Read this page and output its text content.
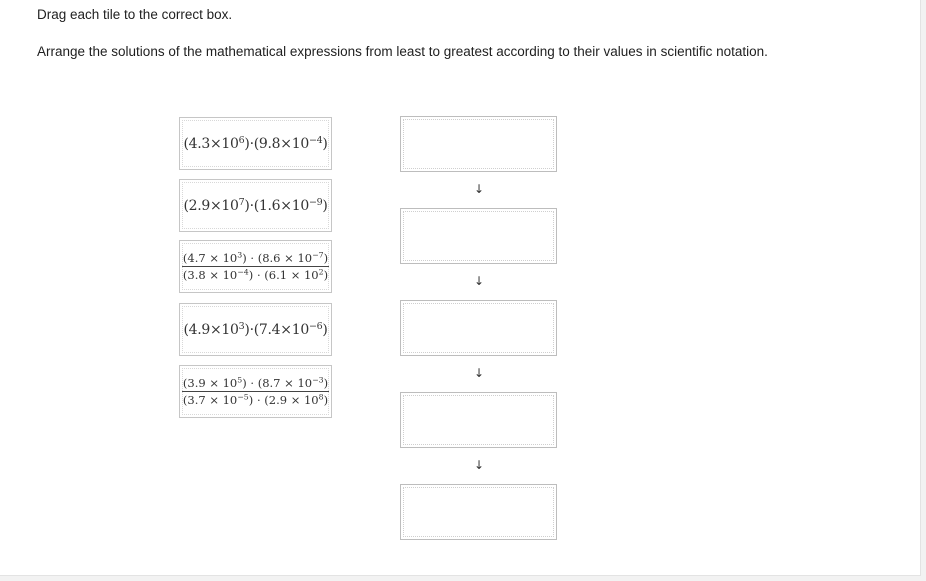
Drag each tile to the correct box.
Arrange the solutions of the mathematical expressions from least to greatest according to their values in scientific notation.
$(4.3\times 10^6)\cdot(9.8\times 10^{-4})$
$(2.9\times 10^7)\cdot(1.6\times 10^{-9})$
$\frac{(4.7 \times 10^3) \cdot (8.6 \times 10^{-7})}{(3.8 \times 10^{-4}) \cdot (6.1 \times 10^2)}$
$(4.9\times 10^3)\cdot(7.4\times 10^{-6})$
$\frac{(3.9 \times 10^5) \cdot (8.7 \times 10^{-3})}{(3.7 \times 10^{-5}) \cdot (2.9 \times 10^8)}$
↓
↓
↓
↓
